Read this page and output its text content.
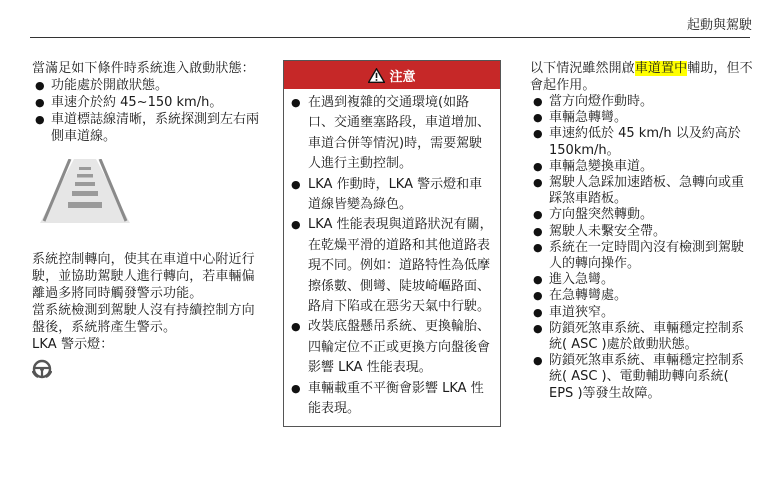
起動與駕駛

當滿足如下條件時系統進入啟動狀態：

● 功能處於開啟狀態。
● 車速介於約 45~150 km/h。
● 車道標誌線清晰，系統探測到左右兩側車道線。

系統控制轉向，使其在車道中心附近行駛，並協助駕駛人進行轉向，若車輛偏離過多將同時觸發警示功能。

當系統檢測到駕駛人沒有持續控制方向盤後，系統將產生警示。

LKA 警示燈：

注意
● 在遇到複雜的交通環境(如路口、交通壅塞路段，車道增加、車道合併等情況)時，需要駕駛人進行主動控制。
● LKA 作動時，LKA 警示燈和車道線皆變為綠色。
● LKA 性能表現與道路狀況有關，在乾燥平滑的道路和其他道路表現不同。例如：道路特性為低摩擦係數、側彎、陡坡崎嶇路面、路肩下陷或在惡劣天氣中行駛。
● 改裝底盤懸吊系統、更換輪胎、四輪定位不正或更換方向盤後會影響 LKA 性能表現。
● 車輛載重不平衡會影響 LKA 性能表現。

以下情況雖然開啟車道置中輔助，但不會起作用。

● 當方向燈作動時。
● 車輛急轉彎。
● 車速約低於 45 km/h 以及約高於 150km/h。
● 車輛急變換車道。
● 駕駛人急踩加速踏板、急轉向或重踩煞車踏板。
● 方向盤突然轉動。
● 駕駛人未繫安全帶。
● 系統在一定時間內沒有檢測到駕駛人的轉向操作。
● 進入急彎。
● 在急轉彎處。
● 車道狹窄。
● 防鎖死煞車系統、車輛穩定控制系統( ASC )處於啟動狀態。
● 防鎖死煞車系統、車輛穩定控制系統( ASC )、電動輔助轉向系統( EPS )等發生故障。
